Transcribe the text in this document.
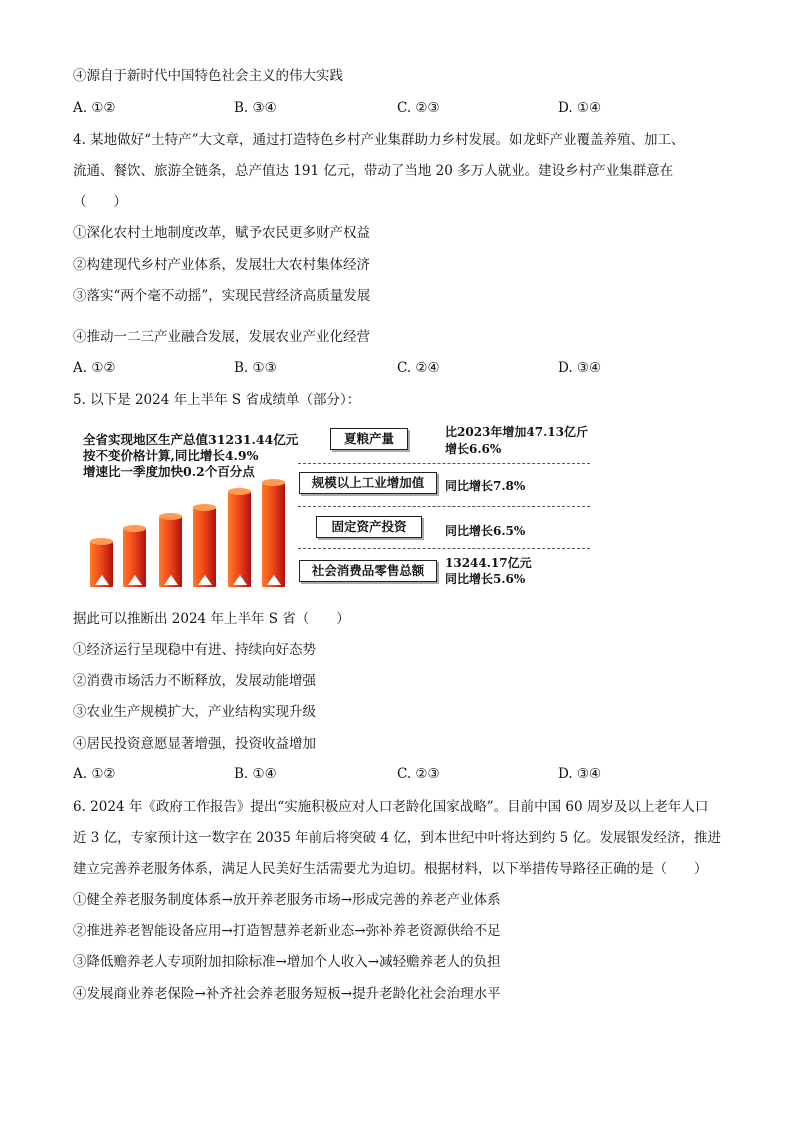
④源自于新时代中国特色社会主义的伟大实践
A. ①②	B. ③④	C. ②③	D. ①④
4. 某地做好“土特产”大文章，通过打造特色乡村产业集群助力乡村发展。如龙虾产业覆盖养殖、加工、
流通、餐饮、旅游全链条，总产值达 191 亿元，带动了当地 20 多万人就业。建设乡村产业集群意在
（　　）
①深化农村土地制度改革，赋予农民更多财产权益
②构建现代乡村产业体系，发展壮大农村集体经济
③落实“两个毫不动摇”，实现民营经济高质量发展
④推动一二三产业融合发展，发展农业产业化经营
A. ①②	B. ①③	C. ②④	D. ③④
5. 以下是 2024 年上半年 S 省成绩单（部分）：
全省实现地区生产总值31231.44亿元
按不变价格计算,同比增长4.9%
增速比一季度加快0.2个百分点
夏粮产量	比2023年增加47.13亿斤
增长6.6%
规模以上工业增加值	同比增长7.8%
固定资产投资	同比增长6.5%
社会消费品零售总额	13244.17亿元
同比增长5.6%
据此可以推断出 2024 年上半年 S 省（　　）
①经济运行呈现稳中有进、持续向好态势
②消费市场活力不断释放，发展动能增强
③农业生产规模扩大，产业结构实现升级
④居民投资意愿显著增强，投资收益增加
A. ①②	B. ①④	C. ②③	D. ③④
6. 2024 年《政府工作报告》提出“实施积极应对人口老龄化国家战略”。目前中国 60 周岁及以上老年人口
近 3 亿，专家预计这一数字在 2035 年前后将突破 4 亿，到本世纪中叶将达到约 5 亿。发展银发经济，推进
建立完善养老服务体系，满足人民美好生活需要尤为迫切。根据材料，以下举措传导路径正确的是（　　）
①健全养老服务制度体系→放开养老服务市场→形成完善的养老产业体系
②推进养老智能设备应用→打造智慧养老新业态→弥补养老资源供给不足
③降低赡养老人专项附加扣除标准→增加个人收入→减轻赡养老人的负担
④发展商业养老保险→补齐社会养老服务短板→提升老龄化社会治理水平
